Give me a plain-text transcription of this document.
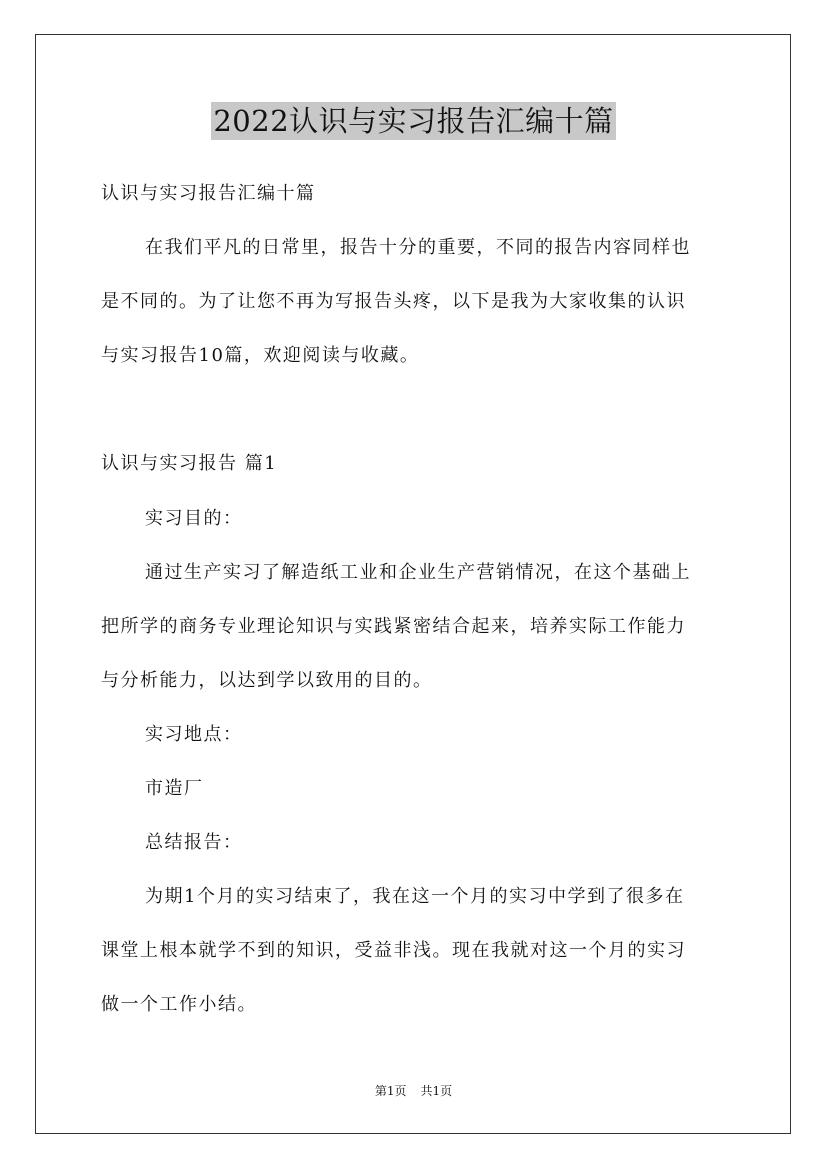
2022认识与实习报告汇编十篇
认识与实习报告汇编十篇
在我们平凡的日常里，报告十分的重要，不同的报告内容同样也
是不同的。为了让您不再为写报告头疼，以下是我为大家收集的认识
与实习报告10篇，欢迎阅读与收藏。
认识与实习报告 篇1
实习目的：
通过生产实习了解造纸工业和企业生产营销情况，在这个基础上
把所学的商务专业理论知识与实践紧密结合起来，培养实际工作能力
与分析能力，以达到学以致用的目的。
实习地点：
市造厂
总结报告：
为期1个月的实习结束了，我在这一个月的实习中学到了很多在
课堂上根本就学不到的知识，受益非浅。现在我就对这一个月的实习
做一个工作小结。
第1页 共1页
